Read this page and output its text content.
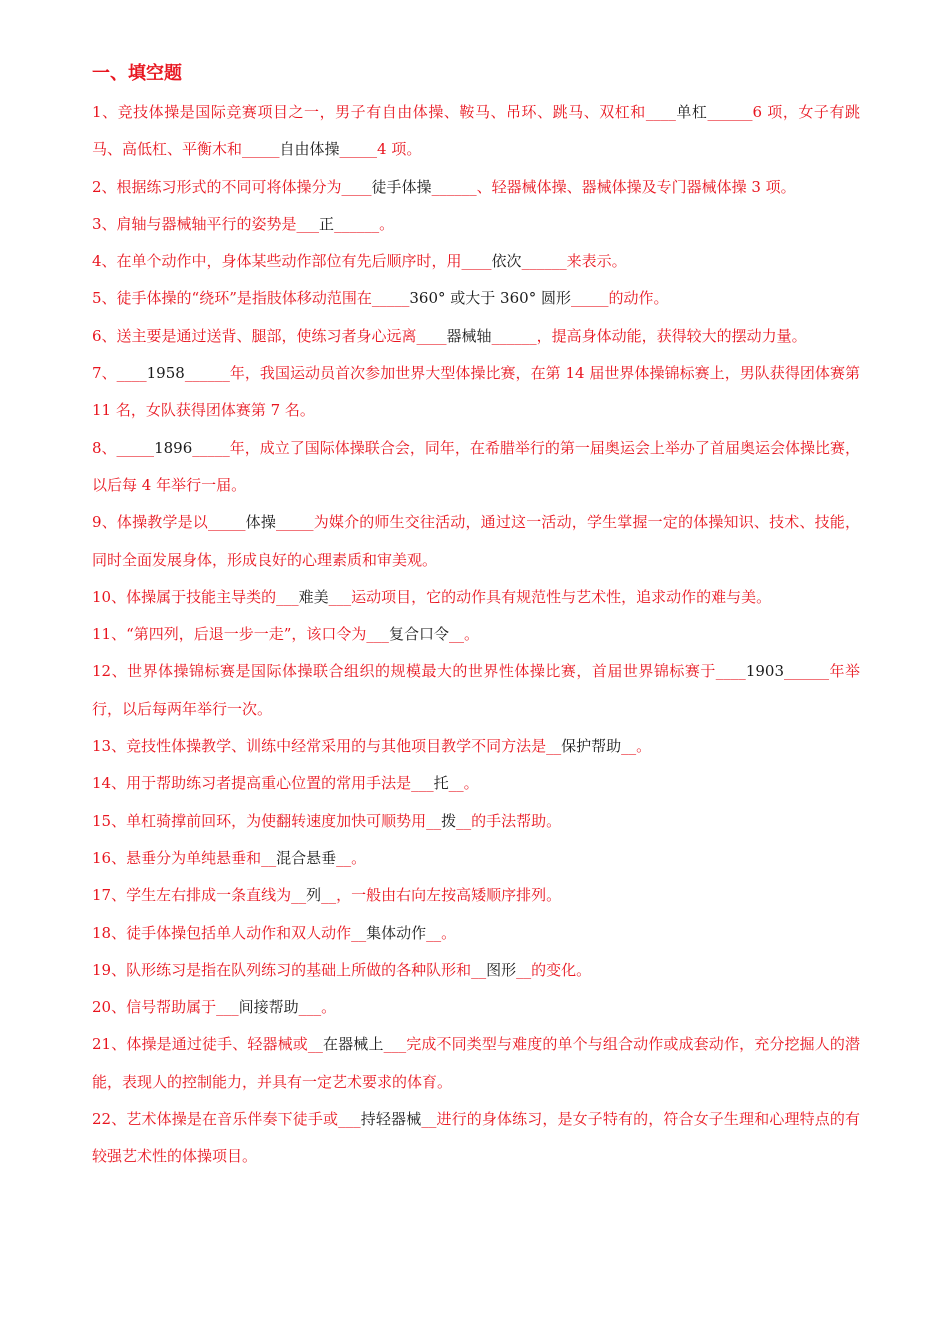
一、填空题

1、竞技体操是国际竞赛项目之一，男子有自由体操、鞍马、吊环、跳马、双杠和____单杠______6 项，女子有跳马、高低杠、平衡木和_____自由体操_____4 项。

2、根据练习形式的不同可将体操分为____徒手体操______、轻器械体操、器械体操及专门器械体操 3 项。

3、肩轴与器械轴平行的姿势是___正______。

4、在单个动作中，身体某些动作部位有先后顺序时，用____依次______来表示。

5、徒手体操的“绕环”是指肢体移动范围在_____360° 或大于 360° 圆形_____的动作。

6、送主要是通过送背、腿部，使练习者身心远离____器械轴______，提高身体动能，获得较大的摆动力量。

7、____1958______年，我国运动员首次参加世界大型体操比赛，在第 14 届世界体操锦标赛上，男队获得团体赛第 11 名，女队获得团体赛第 7 名。

8、_____1896_____年，成立了国际体操联合会，同年，在希腊举行的第一届奥运会上举办了首届奥运会体操比赛，以后每 4 年举行一届。

9、体操教学是以_____体操_____为媒介的师生交往活动，通过这一活动，学生掌握一定的体操知识、技术、技能，同时全面发展身体，形成良好的心理素质和审美观。

10、体操属于技能主导类的___难美___运动项目，它的动作具有规范性与艺术性，追求动作的难与美。

11、“第四列，后退一步一走”，该口令为___复合口令__。

12、世界体操锦标赛是国际体操联合组织的规模最大的世界性体操比赛，首届世界锦标赛于____1903______年举行，以后每两年举行一次。

13、竞技性体操教学、训练中经常采用的与其他项目教学不同方法是__保护帮助__。

14、用于帮助练习者提高重心位置的常用手法是___托__。

15、单杠骑撑前回环，为使翻转速度加快可顺势用__拨__的手法帮助。

16、悬垂分为单纯悬垂和__混合悬垂__。

17、学生左右排成一条直线为__列__，一般由右向左按高矮顺序排列。

18、徒手体操包括单人动作和双人动作__集体动作__。

19、队形练习是指在队列练习的基础上所做的各种队形和__图形__的变化。

20、信号帮助属于___间接帮助___。

21、体操是通过徒手、轻器械或__在器械上___完成不同类型与难度的单个与组合动作或成套动作，充分挖掘人的潜能，表现人的控制能力，并具有一定艺术要求的体育。

22、艺术体操是在音乐伴奏下徒手或___持轻器械__进行的身体练习，是女子特有的，符合女子生理和心理特点的有较强艺术性的体操项目。
